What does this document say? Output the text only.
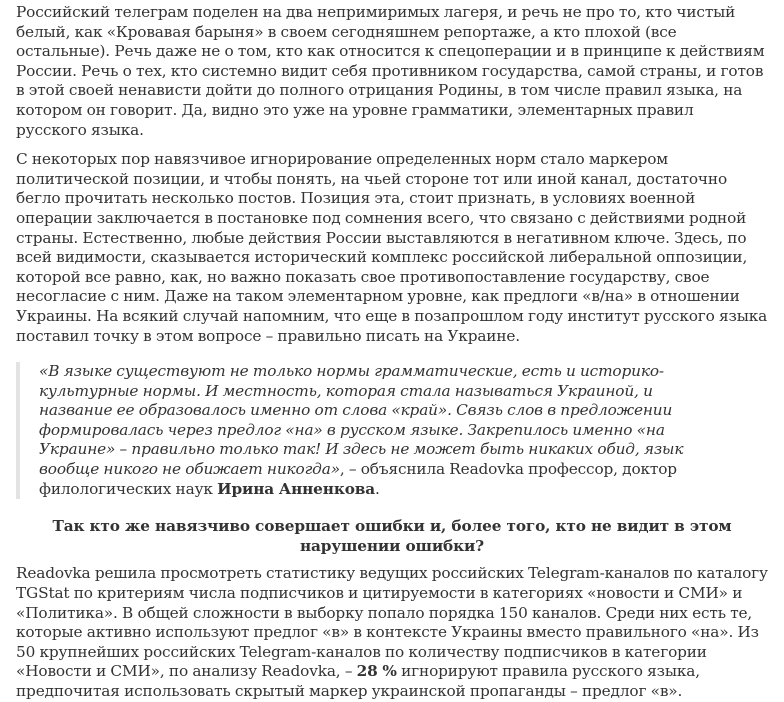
Российский телеграм поделен на два непримиримых лагеря, и речь не про то, кто чистый белый, как «Кровавая барыня» в своем сегодняшнем репортаже, а кто плохой (все остальные). Речь даже не о том, кто как относится к спецоперации и в принципе к действиям России. Речь о тех, кто системно видит себя противником государства, самой страны, и готов в этой своей ненависти дойти до полного отрицания Родины, в том числе правил языка, на котором он говорит. Да, видно это уже на уровне грамматики, элементарных правил русского языка.

С некоторых пор навязчивое игнорирование определенных норм стало маркером политической позиции, и чтобы понять, на чьей стороне тот или иной канал, достаточно бегло прочитать несколько постов. Позиция эта, стоит признать, в условиях военной операции заключается в постановке под сомнения всего, что связано с действиями родной страны. Естественно, любые действия России выставляются в негативном ключе. Здесь, по всей видимости, сказывается исторический комплекс российской либеральной оппозиции, которой все равно, как, но важно показать свое противопоставление государству, свое несогласие с ним. Даже на таком элементарном уровне, как предлоги «в/на» в отношении Украины. На всякий случай напомним, что еще в позапрошлом году институт русского языка поставил точку в этом вопросе – правильно писать на Украине.

«В языке существуют не только нормы грамматические, есть и историко-культурные нормы. И местность, которая стала называться Украиной, и название ее образовалось именно от слова «край». Связь слов в предложении формировалась через предлог «на» в русском языке. Закрепилось именно «на Украине» – правильно только так! И здесь не может быть никаких обид, язык вообще никого не обижает никогда», – объяснила Readovka профессор, доктор филологических наук Ирина Анненкова.
Так кто же навязчиво совершает ошибки и, более того, кто не видит в этом нарушении ошибки?

Readovka решила просмотреть статистику ведущих российских Telegram-каналов по каталогу TGStat по критериям числа подписчиков и цитируемости в категориях «новости и СМИ» и «Политика». В общей сложности в выборку попало порядка 150 каналов. Среди них есть те, которые активно используют предлог «в» в контексте Украины вместо правильного «на». Из 50 крупнейших российских Telegram-каналов по количеству подписчиков в категории «Новости и СМИ», по анализу Readovka, – 28 % игнорируют правила русского языка, предпочитая использовать скрытый маркер украинской пропаганды – предлог «в».
